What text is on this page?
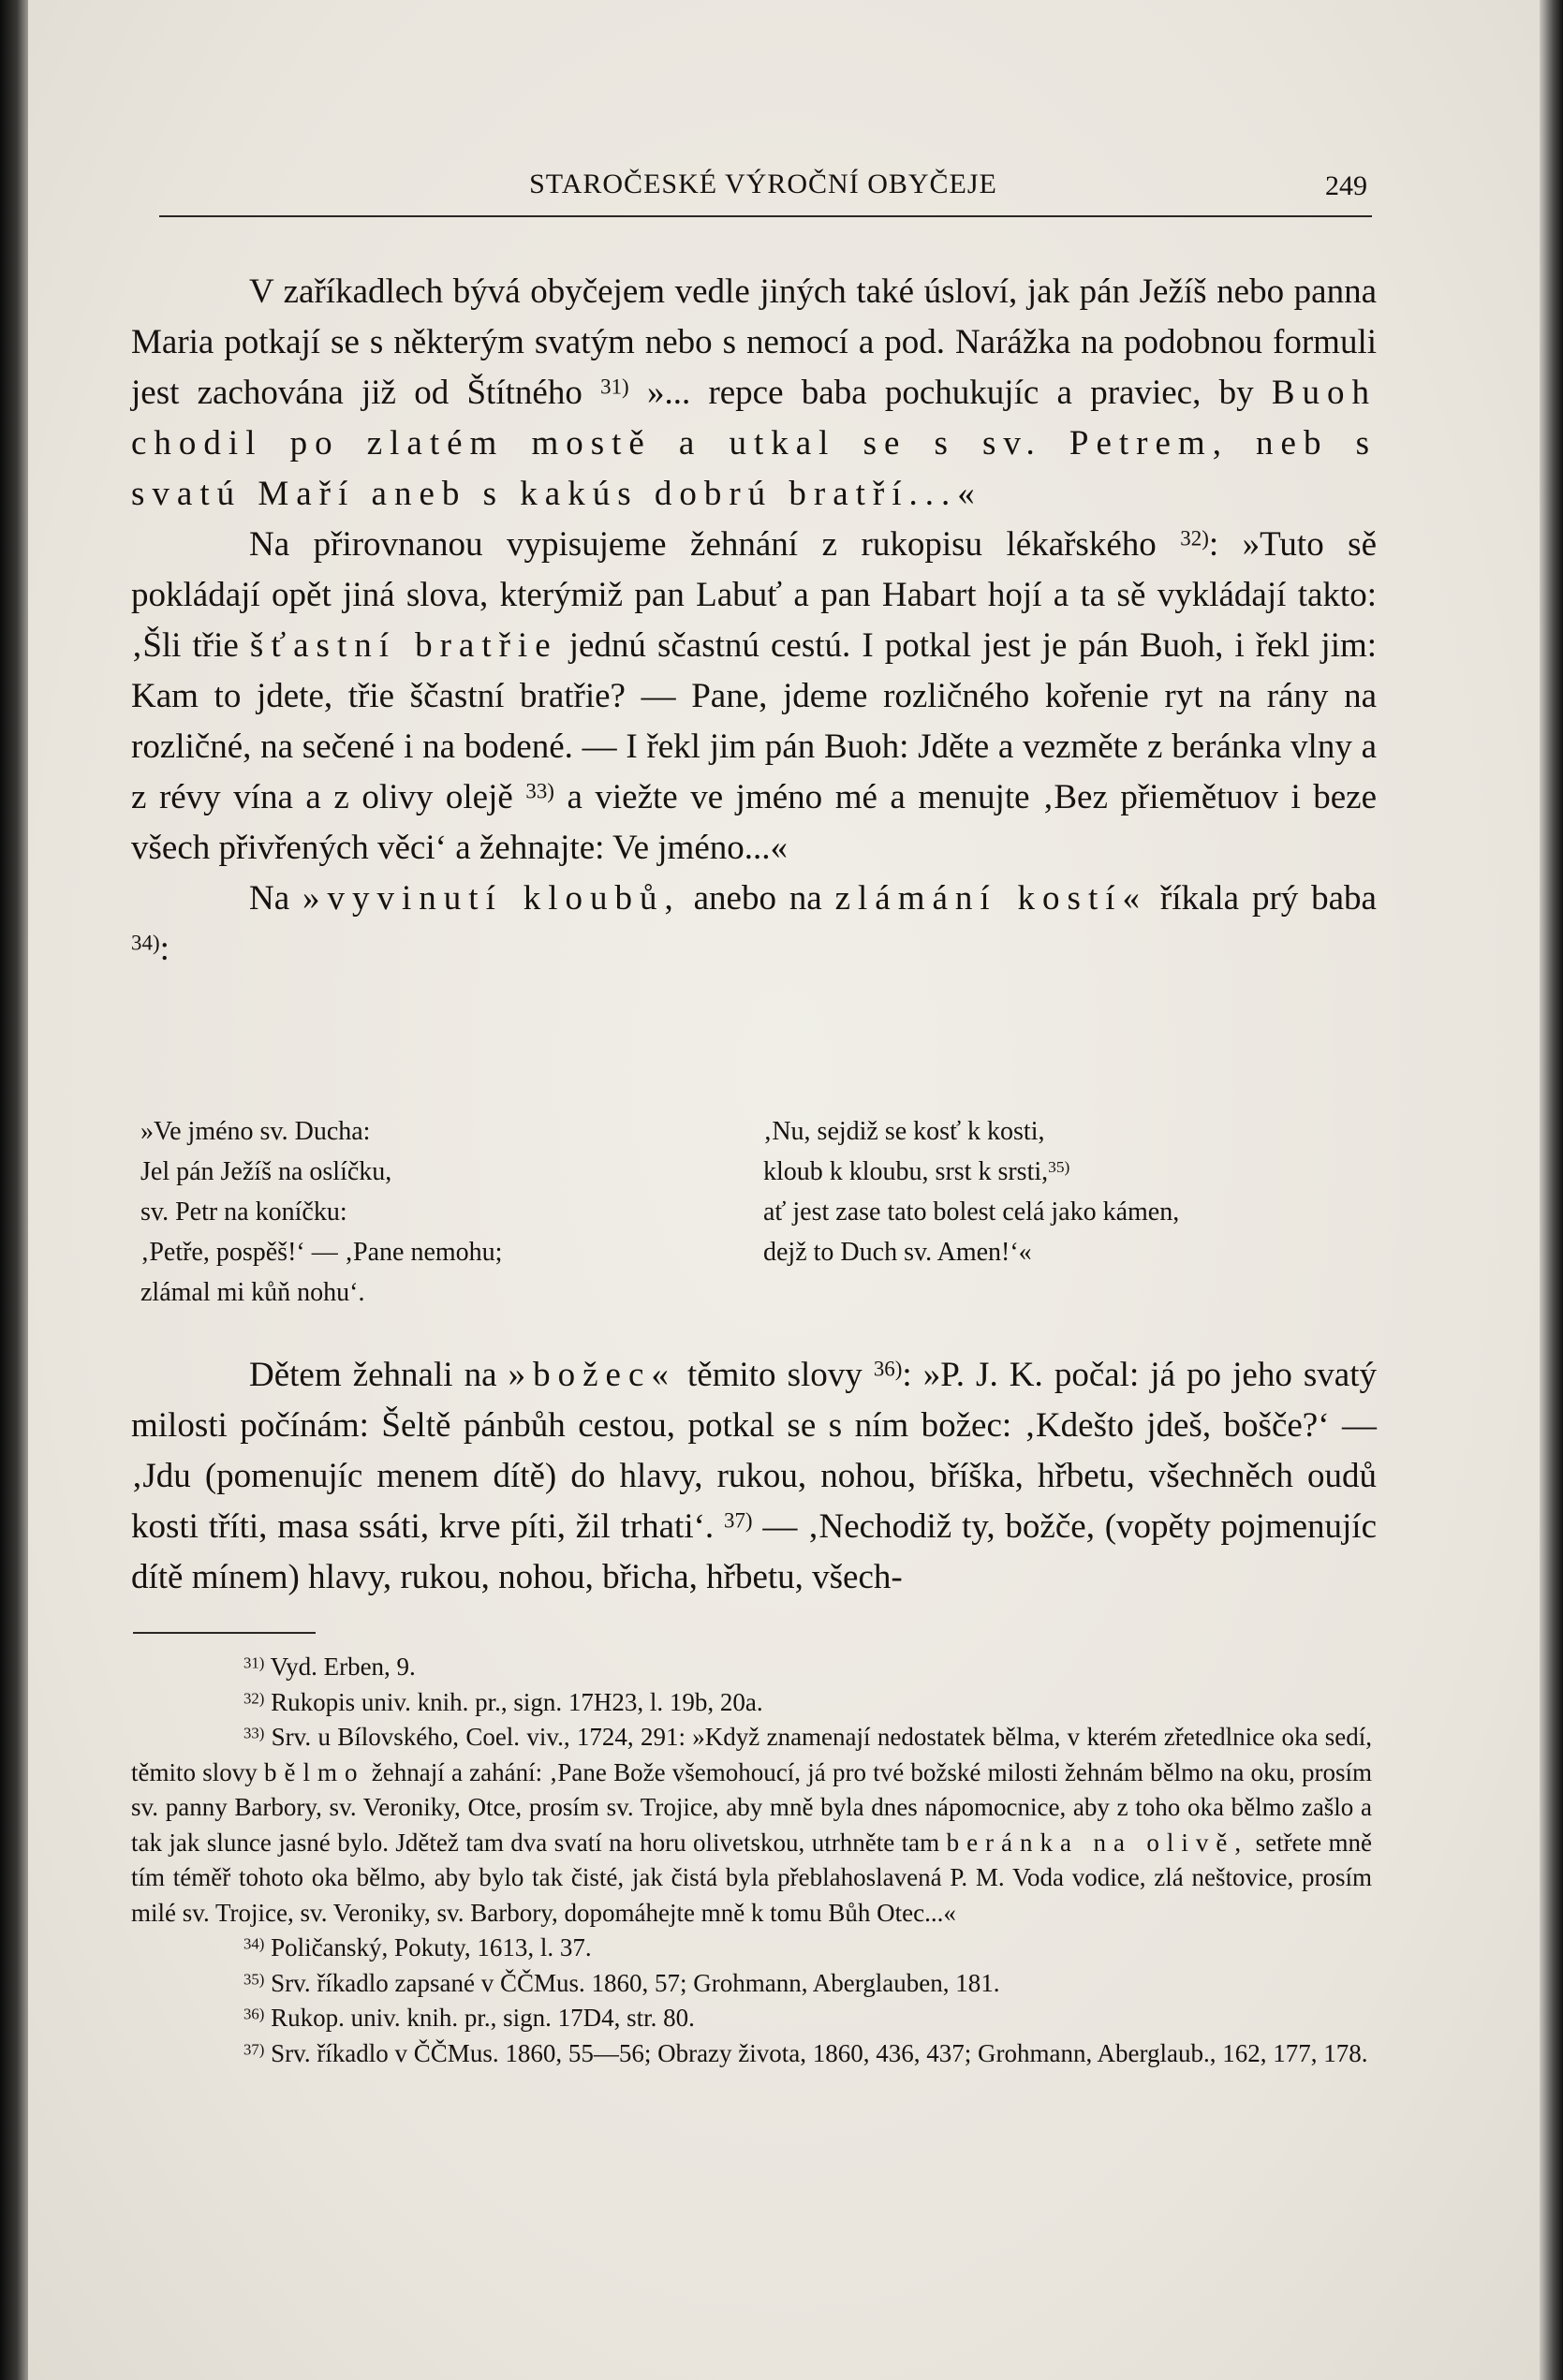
STAROČESKÉ VÝROČNÍ OBYČEJE	249

V zaříkadlech bývá obyčejem vedle jiných také úsloví, jak pán Ježíš nebo panna Maria potkají se s některým svatým nebo s nemocí a pod. Narážka na podobnou formuli jest zachována již od Štítného $^{31)}$ »... repce baba pochukujíc a praviec, by Buoh chodil po zlatém mostě a utkal se s sv. Petrem, neb s svatú Maří aneb s kakús dobrú bratří...«

Na přirovnanou vypisujeme žehnání z rukopisu lékařského $^{32)}$: »Tuto sě pokládají opět jiná slova, kterýmiž pan Labuť a pan Habart hojí a ta sě vykládají takto: ‚Šli třie šťastní bratřie jednú sčastnú cestú. I potkal jest je pán Buoh, i řekl jim: Kam to jdete, třie ščastní bratřie? — Pane, jdeme rozličného kořenie ryt na rány na rozličné, na sečené i na bodené. — I řekl jim pán Buoh: Jděte a vezměte z beránka vlny a z révy vína a z olivy olejě $^{33)}$ a viežte ve jméno mé a menujte ‚Bez přiemětuov i beze všech přivřených věci‘ a žehnajte: Ve jméno...«

Na »vyvinutí kloubů, anebo na zlámání kostí« říkala prý baba $^{34)}$:

»Ve jméno sv. Ducha:
Jel pán Ježíš na oslíčku,
sv. Petr na koníčku:
‚Petře, pospěš!‘ — ‚Pane nemohu;
zlámal mi kůň nohu‘.
‚Nu, sejdiž se kosť k kosti,
kloub k kloubu, srst k srsti,$^{35)}$
ať jest zase tato bolest celá jako kámen,
dejž to Duch sv. Amen!‘«

Dětem žehnali na »božec« těmito slovy $^{36)}$: »P. J. K. počal: já po jeho svatý milosti počínám: Šeltě pánbůh cestou, potkal se s ním božec: ‚Kdešto jdeš, bošče?‘ — ‚Jdu (pomenujíc menem dítě) do hlavy, rukou, nohou, bříška, hřbetu, všechněch oudů kosti tříti, masa ssáti, krve píti, žil trhati‘. $^{37)}$ — ‚Nechodiž ty, božče, (vopěty pojmenujíc dítě mínem) hlavy, rukou, nohou, břicha, hřbetu, všech-

$^{31)}$ Vyd. Erben, 9.

$^{32)}$ Rukopis univ. knih. pr., sign. 17H23, l. 19b, 20a.

$^{33)}$ Srv. u Bílovského, Coel. viv., 1724, 291: »Když znamenají nedostatek bělma, v kterém zřetedlnice oka sedí, těmito slovy bělmo žehnají a zahání: ‚Pane Bože všemohoucí, já pro tvé božské milosti žehnám bělmo na oku, prosím sv. panny Barbory, sv. Veroniky, Otce, prosím sv. Trojice, aby mně byla dnes nápomocnice, aby z toho oka bělmo zašlo a tak jak slunce jasné bylo. Jdětež tam dva svatí na horu olivetskou, utrhněte tam beránka na olivě, setřete mně tím téměř tohoto oka bělmo, aby bylo tak čisté, jak čistá byla přeblahoslavená P. M. Voda vodice, zlá neštovice, prosím milé sv. Trojice, sv. Veroniky, sv. Barbory, dopomáhejte mně k tomu Bůh Otec...«

$^{34)}$ Poličanský, Pokuty, 1613, l. 37.

$^{35)}$ Srv. říkadlo zapsané v ČČMus. 1860, 57; Grohmann, Aberglauben, 181.

$^{36)}$ Rukop. univ. knih. pr., sign. 17D4, str. 80.

$^{37)}$ Srv. říkadlo v ČČMus. 1860, 55—56; Obrazy života, 1860, 436, 437; Grohmann, Aberglaub., 162, 177, 178.
